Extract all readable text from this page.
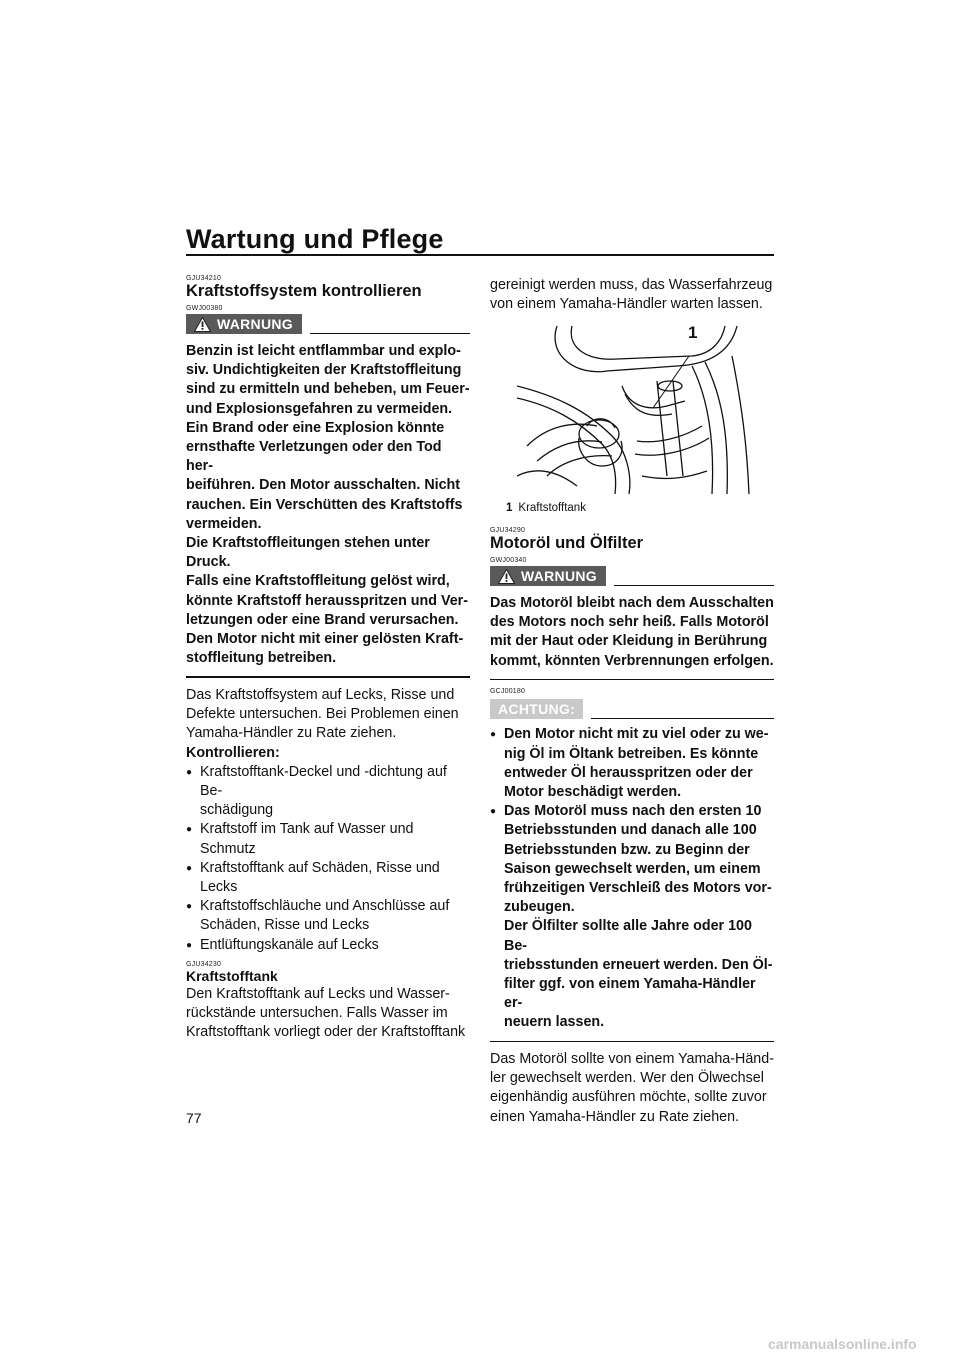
Wartung und Pflege
GJU34210
Kraftstoffsystem kontrollieren
GWJ00380
WARNUNG
Benzin ist leicht entflammbar und explo-
siv. Undichtigkeiten der Kraftstoffleitung
sind zu ermitteln und beheben, um Feuer-
und Explosionsgefahren zu vermeiden.
Ein Brand oder eine Explosion könnte
ernsthafte Verletzungen oder den Tod her-
beiführen. Den Motor ausschalten. Nicht
rauchen. Ein Verschütten des Kraftstoffs
vermeiden.
Die Kraftstoffleitungen stehen unter
Druck.
Falls eine Kraftstoffleitung gelöst wird,
könnte Kraftstoff herausspritzen und Ver-
letzungen oder eine Brand verursachen.
Den Motor nicht mit einer gelösten Kraft-
stoffleitung betreiben.
Das Kraftstoffsystem auf Lecks, Risse und
Defekte untersuchen. Bei Problemen einen
Yamaha-Händler zu Rate ziehen.
Kontrollieren:
● Kraftstofftank-Deckel und -dichtung auf Be-
schädigung
● Kraftstoff im Tank auf Wasser und Schmutz
● Kraftstofftank auf Schäden, Risse und
Lecks
● Kraftstoffschläuche und Anschlüsse auf
Schäden, Risse und Lecks
● Entlüftungskanäle auf Lecks
GJU34230
Kraftstofftank
Den Kraftstofftank auf Lecks und Wasser-
rückstände untersuchen. Falls Wasser im
Kraftstofftank vorliegt oder der Kraftstofftank
gereinigt werden muss, das Wasserfahrzeug
von einem Yamaha-Händler warten lassen.
1
1 Kraftstofftank
GJU34290
Motoröl und Ölfilter
GWJ00340
WARNUNG
Das Motoröl bleibt nach dem Ausschalten
des Motors noch sehr heiß. Falls Motoröl
mit der Haut oder Kleidung in Berührung
kommt, könnten Verbrennungen erfolgen.
GCJ00180
ACHTUNG:
● Den Motor nicht mit zu viel oder zu we-
nig Öl im Öltank betreiben. Es könnte
entweder Öl herausspritzen oder der
Motor beschädigt werden.
● Das Motoröl muss nach den ersten 10
Betriebsstunden und danach alle 100
Betriebsstunden bzw. zu Beginn der
Saison gewechselt werden, um einem
frühzeitigen Verschleiß des Motors vor-
zubeugen.
Der Ölfilter sollte alle Jahre oder 100 Be-
triebsstunden erneuert werden. Den Öl-
filter ggf. von einem Yamaha-Händler er-
neuern lassen.
Das Motoröl sollte von einem Yamaha-Händ-
ler gewechselt werden. Wer den Ölwechsel
eigenhändig ausführen möchte, sollte zuvor
einen Yamaha-Händler zu Rate ziehen.
77
carmanualsonline.info
